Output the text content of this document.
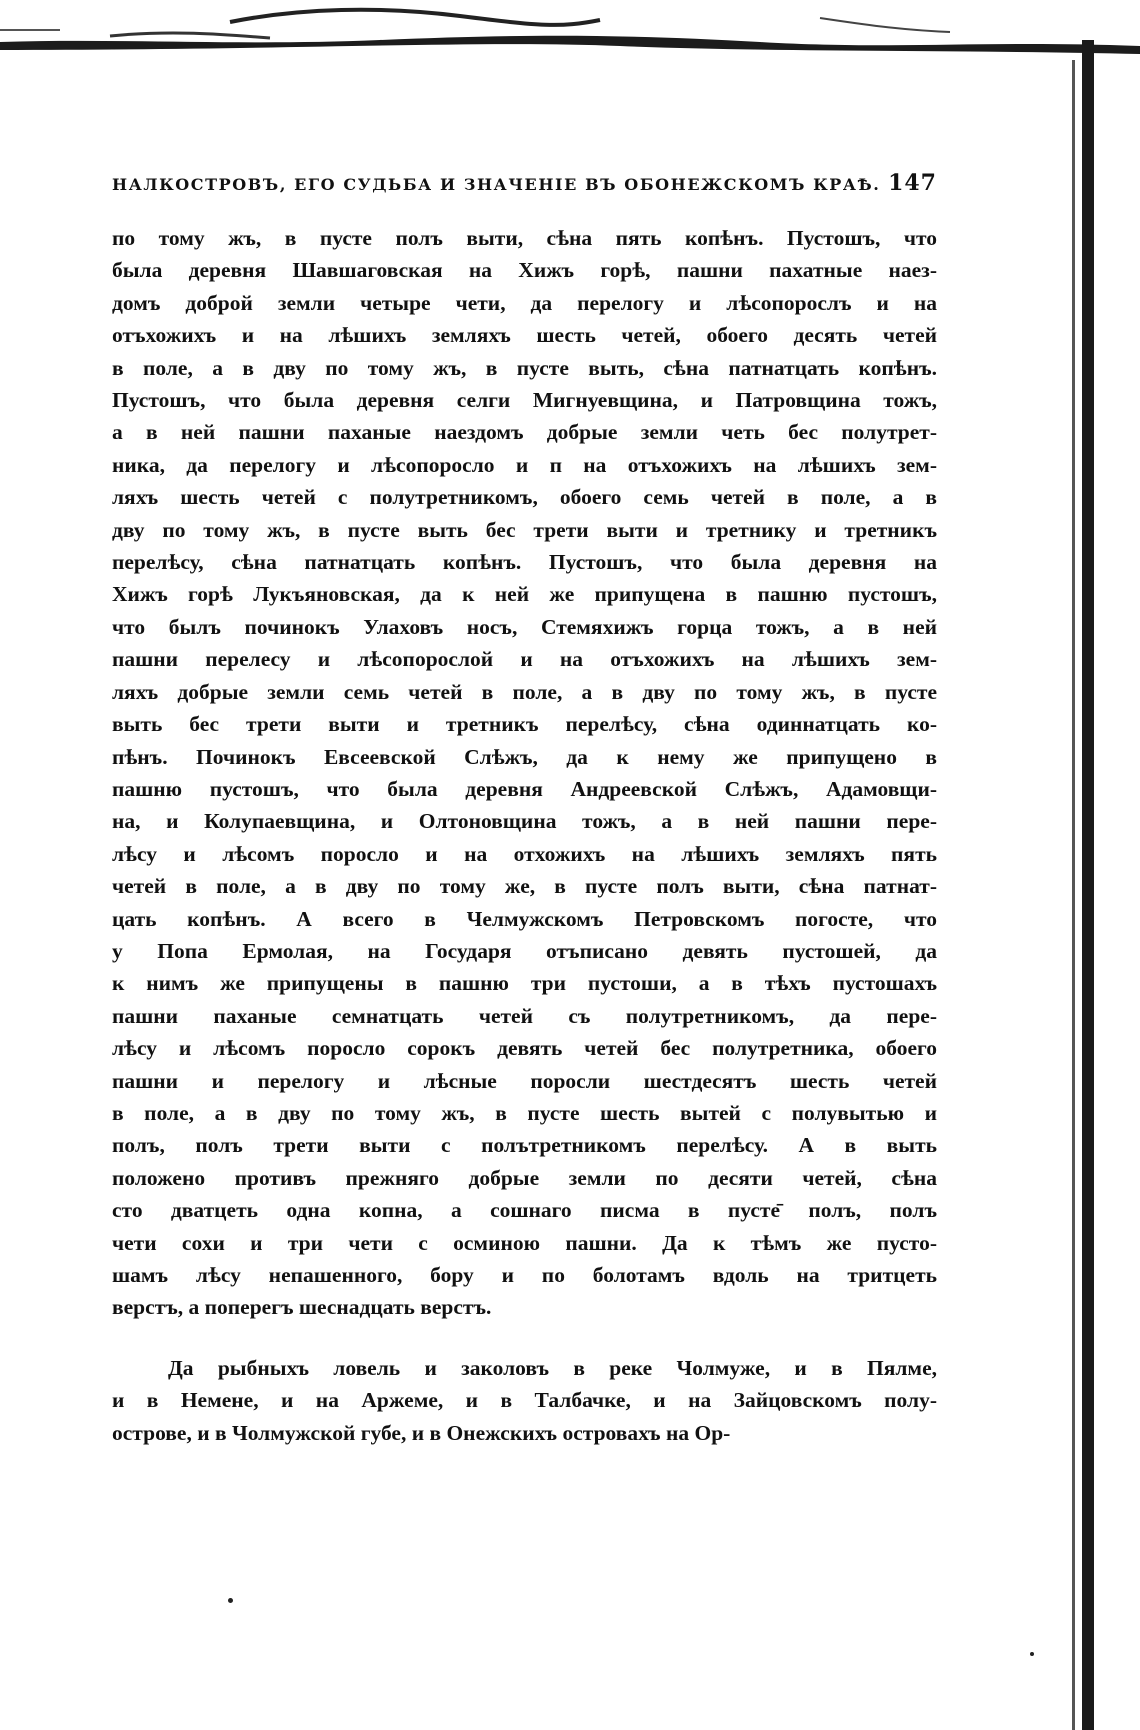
НАЛКОСТРОВЪ, ЕГО СУДЬБА И ЗНАЧЕНІЕ ВЪ ОБОНЕЖСКОМЪ КРАѢ. 147

по тому жъ, в пусте полъ выти, сѣна пять копѣнъ. Пустошъ, что

была деревня Шавшаговская на Хижъ горѣ, пашни пахатные наез-

домъ доброй земли четыре чети, да перелогу и лѣсопорослъ и на

отъхожихъ и на лѣшихъ земляхъ шесть четей, обоего десять четей

в поле, а в дву по тому жъ, в пусте выть, сѣна патнатцать копѣнъ.

Пустошъ, что была деревня селги Мигнуевщина, и Патровщина тожъ,

а в ней пашни паханые наездомъ добрые земли четь бес полутрет-

ника, да перелогу и лѣсопоросло и п на отъхожихъ на лѣшихъ зем-

ляхъ шесть четей с полутретникомъ, обоего семь четей в поле, а в

дву по тому жъ, в пусте выть бес трети выти и третнику и третникъ

перелѣсу, сѣна патнатцать копѣнъ. Пустошъ, что была деревня на

Хижъ горѣ Лукъяновская, да к ней же припущена в пашню пустошъ,

что былъ починокъ Улаховъ носъ, Стемяхижъ горца тожъ, а в ней

пашни перелесу и лѣсопорослой и на отъхожихъ на лѣшихъ зем-

ляхъ добрые земли семь четей в поле, а в дву по тому жъ, в пусте

выть бес трети выти и третникъ перелѣсу, сѣна одиннатцать ко-

пѣнъ. Починокъ Евсеевской Слѣжъ, да к нему же припущено в

пашню пустошъ, что была деревня Андреевской Слѣжъ, Адамовщи-

на, и Колупаевщина, и Олтоновщина тожъ, а в ней пашни пере-

лѣсу и лѣсомъ поросло и на отхожихъ на лѣшихъ земляхъ пять

четей в поле, а в дву по тому же, в пусте полъ выти, сѣна патнат-

цать копѣнъ. А всего в Челмужскомъ Петровскомъ погосте, что

у Попа Ермолая, на Государя отъписано девять пустошей, да

к нимъ же припущены в пашню три пустоши, а в тѣхъ пустошахъ

пашни паханые семнатцать четей съ полутретникомъ, да пере-

лѣсу и лѣсомъ поросло сорокъ девять четей бес полутретника, обоего

пашни и перелогу и лѣсные поросли шестдесятъ шесть четей

в поле, а в дву по тому жъ, в пусте шесть вытей с полувытью и

полъ, полъ трети выти с полътретникомъ перелѣсу. А в выть

положено противъ прежняго добрые земли по десяти четей, сѣна

сто дватцеть одна копна, а сошнаго писма в пусте̄ полъ, полъ

чети сохи и три чети с осминою пашни. Да к тѣмъ же пусто-

шамъ лѣсу непашенного, бору и по болотамъ вдоль на тритцеть

верстъ, а поперегъ шеснадцать верстъ.

Да рыбныхъ ловель и заколовъ в реке Чолмуже, и в Пялме,

и в Немене, и на Аржеме, и в Талбачке, и на Зайцовскомъ полу-

острове, и в Чолмужской губе, и в Онежскихъ островахъ на Ор-
